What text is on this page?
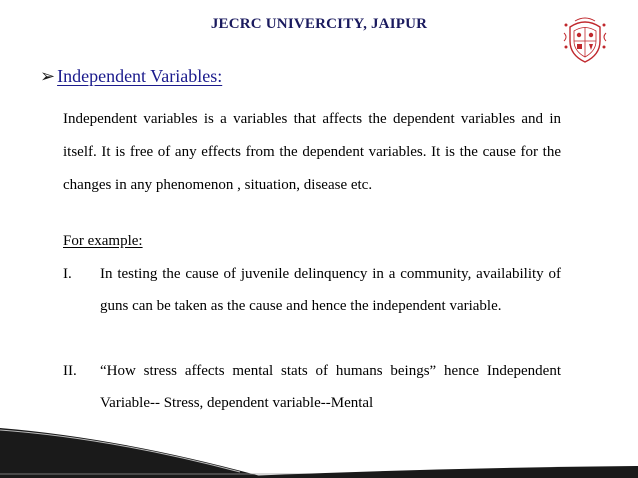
JECRC UNIVERCITY, JAIPUR
➢ Independent Variables:
Independent variables is a variables that affects the dependent variables and in itself. It is free of any effects from the dependent variables. It is the cause for the changes in any phenomenon , situation, disease etc.
For example:
I. In testing the cause of juvenile delinquency in a community, availability of guns can be taken as the cause and hence the independent variable.
II. “How stress affects mental stats of humans beings” hence Independent Variable-- Stress, dependent variable--Mental
